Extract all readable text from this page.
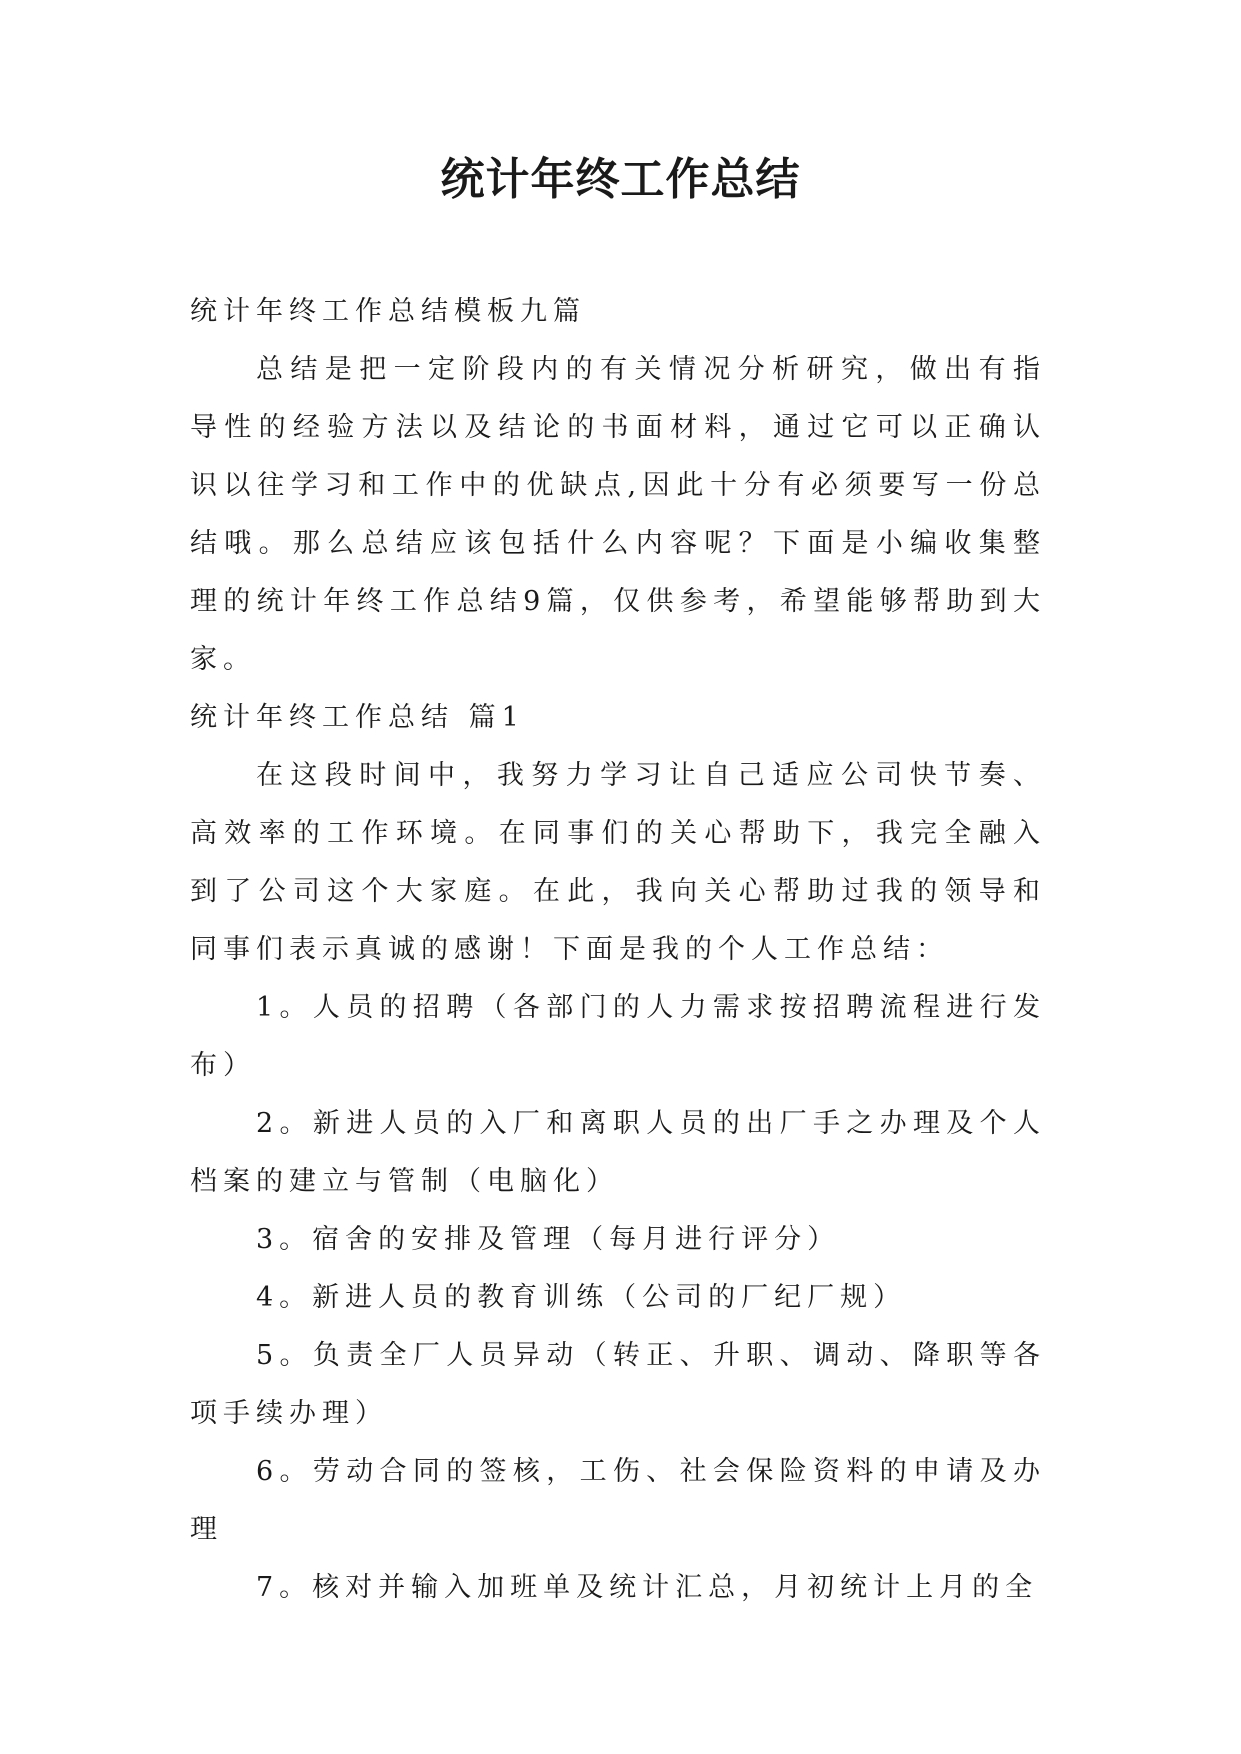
统计年终工作总结

统计年终工作总结模板九篇

总结是把一定阶段内的有关情况分析研究，做出有指导性的经验方法以及结论的书面材料，通过它可以正确认识以往学习和工作中的优缺点,因此十分有必须要写一份总结哦。那么总结应该包括什么内容呢？下面是小编收集整理的统计年终工作总结9篇，仅供参考，希望能够帮助到大家。

统计年终工作总结 篇1

在这段时间中，我努力学习让自己适应公司快节奏、高效率的工作环境。在同事们的关心帮助下，我完全融入到了公司这个大家庭。在此，我向关心帮助过我的领导和同事们表示真诚的感谢！下面是我的个人工作总结：

1。人员的招聘（各部门的人力需求按招聘流程进行发布）

2。新进人员的入厂和离职人员的出厂手之办理及个人档案的建立与管制（电脑化）

3。宿舍的安排及管理（每月进行评分）

4。新进人员的教育训练（公司的厂纪厂规）

5。负责全厂人员异动（转正、升职、调动、降职等各项手续办理）

6。劳动合同的签核，工伤、社会保险资料的申请及办理

7。核对并输入加班单及统计汇总，月初统计上月的全
